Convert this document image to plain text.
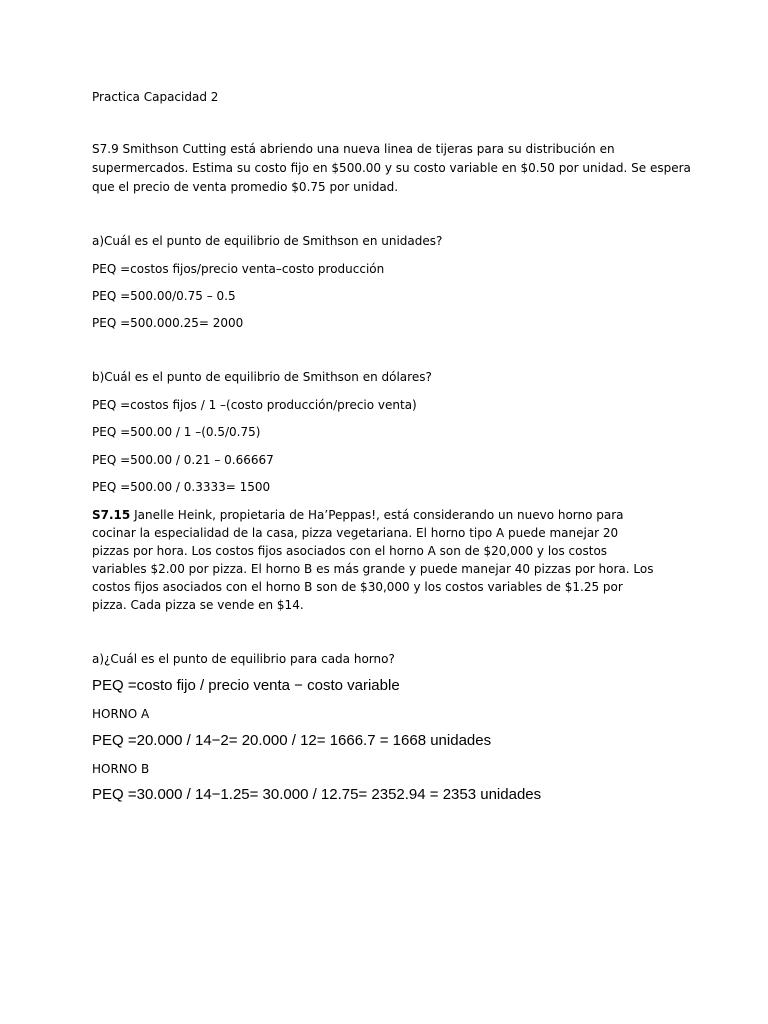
Practica Capacidad 2
S7.9 Smithson Cutting está abriendo una nueva linea de tijeras para su distribución en
supermercados. Estima su costo fijo en $500.00 y su costo variable en $0.50 por unidad. Se espera
que el precio de venta promedio $0.75 por unidad.
a)Cuál es el punto de equilibrio de Smithson en unidades?
PEQ =costos fijos/precio venta–costo producción
PEQ =500.00/0.75 – 0.5
PEQ =500.000.25= 2000
b)Cuál es el punto de equilibrio de Smithson en dólares?
PEQ =costos fijos / 1 –(costo producción/precio venta)
PEQ =500.00 / 1 –(0.5/0.75)
PEQ =500.00 / 0.21 – 0.66667
PEQ =500.00 / 0.3333= 1500
S7.15 Janelle Heink, propietaria de Ha’Peppas!, está considerando un nuevo horno para
cocinar la especialidad de la casa, pizza vegetariana. El horno tipo A puede manejar 20
pizzas por hora. Los costos fijos asociados con el horno A son de $20,000 y los costos
variables $2.00 por pizza. El horno B es más grande y puede manejar 40 pizzas por hora. Los
costos fijos asociados con el horno B son de $30,000 y los costos variables de $1.25 por
pizza. Cada pizza se vende en $14.
a)¿Cuál es el punto de equilibrio para cada horno?
PEQ =costo fijo / precio venta − costo variable
HORNO A
PEQ =20.000 / 14−2= 20.000 / 12= 1666.7 = 1668 unidades
HORNO B
PEQ =30.000 / 14−1.25= 30.000 / 12.75= 2352.94 = 2353 unidades
